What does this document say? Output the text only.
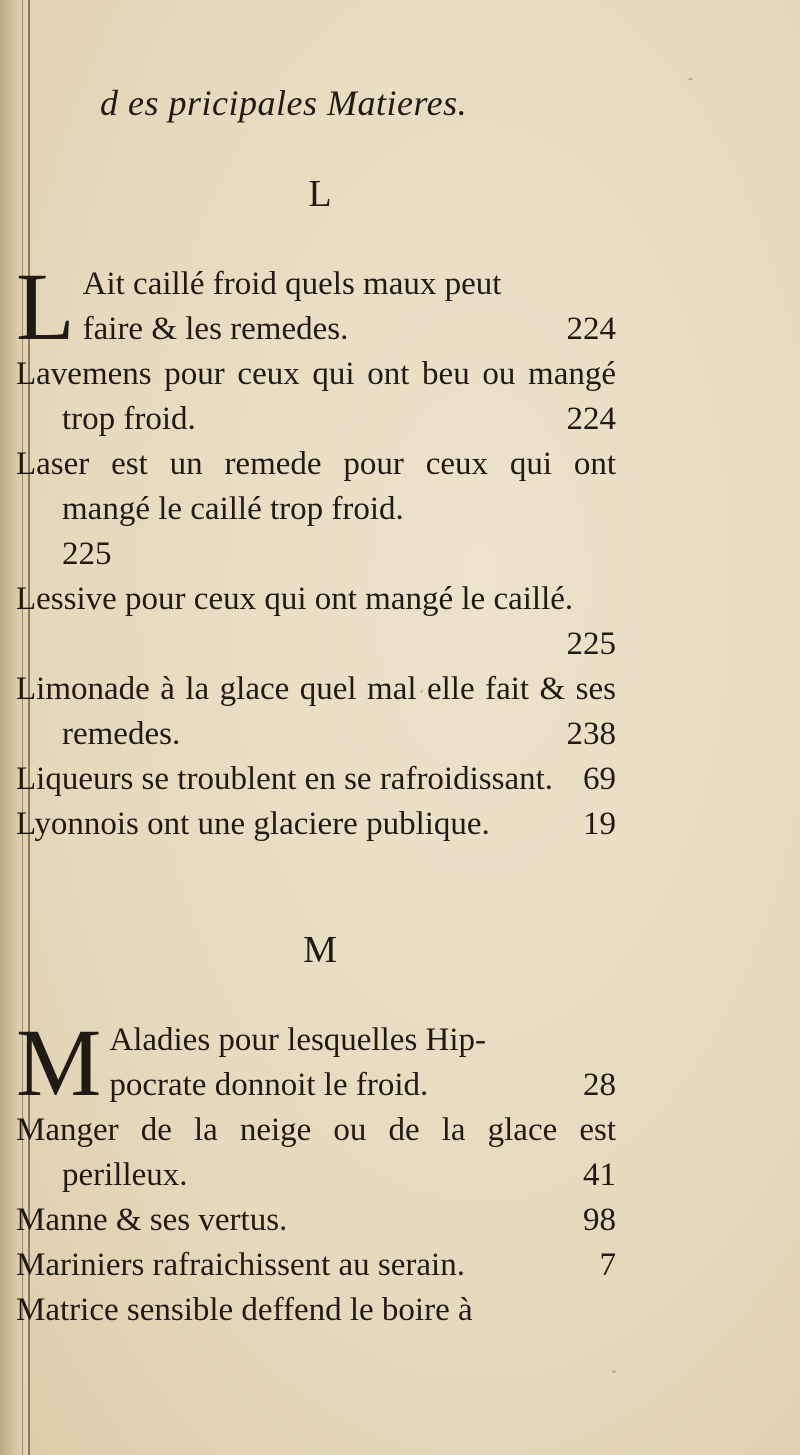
d es pricipales Matieres.
L

L Ait caillé froid quels maux peut
faire & les remedes.	224

Lavemens pour ceux qui ont beu ou mangé trop froid.	224

Laser est un remede pour ceux qui ont mangé le caillé trop froid.
225

Lessive pour ceux qui ont mangé le caillé.
225

Limonade à la glace quel mal elle fait & ses remedes.	238

Liqueurs se troublent en se rafroidissant. 69

Lyonnois ont une glaciere publique.	19

M

M Aladies pour lesquelles Hip-
pocrate donnoit le froid.	28

Manger de la neige ou de la glace est perilleux.	41

Manne & ses vertus.	98

Mariniers rafraichissent au serain.	7

Matrice sensible deffend le boire à
